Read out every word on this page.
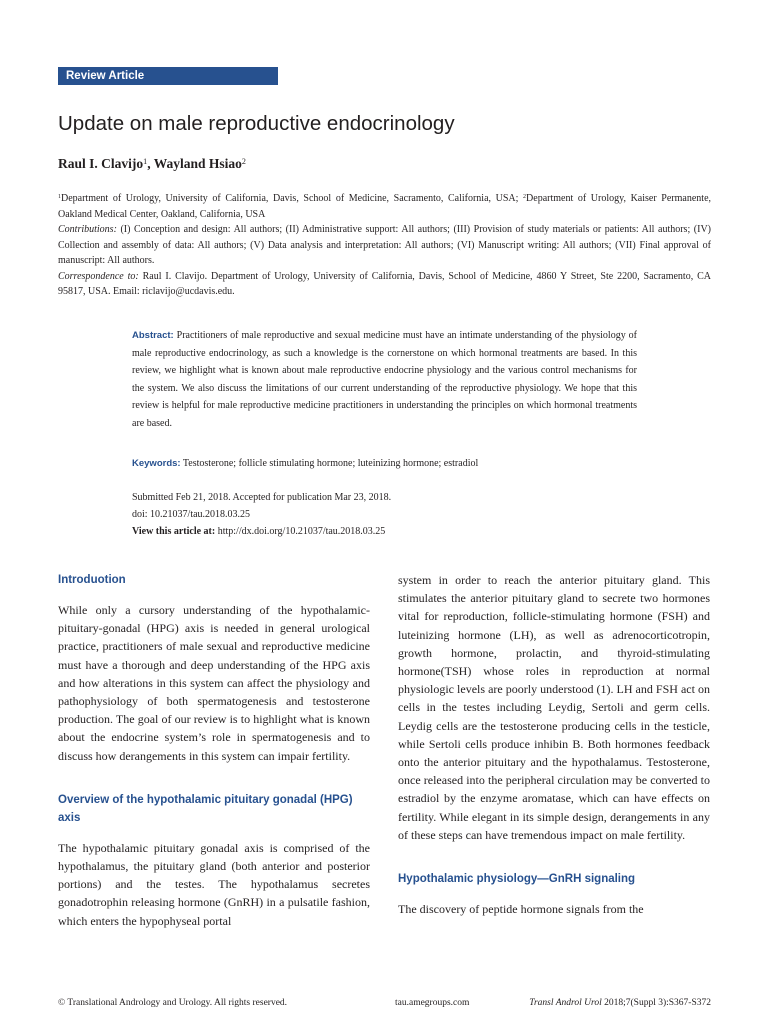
Review Article
Update on male reproductive endocrinology
Raul I. Clavijo$^1$, Wayland Hsiao$^2$

$^1$Department of Urology, University of California, Davis, School of Medicine, Sacramento, California, USA; $^2$Department of Urology, Kaiser Permanente, Oakland Medical Center, Oakland, California, USA

Contributions: (I) Conception and design: All authors; (II) Administrative support: All authors; (III) Provision of study materials or patients: All authors; (IV) Collection and assembly of data: All authors; (V) Data analysis and interpretation: All authors; (VI) Manuscript writing: All authors; (VII) Final approval of manuscript: All authors.

Correspondence to: Raul I. Clavijo. Department of Urology, University of California, Davis, School of Medicine, 4860 Y Street, Ste 2200, Sacramento, CA 95817, USA. Email: riclavijo@ucdavis.edu.

Abstract: Practitioners of male reproductive and sexual medicine must have an intimate understanding of the physiology of male reproductive endocrinology, as such a knowledge is the cornerstone on which hormonal treatments are based. In this review, we highlight what is known about male reproductive endocrine physiology and the various control mechanisms for the system. We also discuss the limitations of our current understanding of the reproductive physiology. We hope that this review is helpful for male reproductive medicine practitioners in understanding the principles on which hormonal treatments are based.

Keywords: Testosterone; follicle stimulating hormone; luteinizing hormone; estradiol
Submitted Feb 21, 2018. Accepted for publication Mar 23, 2018.
doi: 10.21037/tau.2018.03.25
View this article at: http://dx.doi.org/10.21037/tau.2018.03.25
Introduotion

While only a cursory understanding of the hypothalamic-pituitary-gonadal (HPG) axis is needed in general urological practice, practitioners of male sexual and reproductive medicine must have a thorough and deep understanding of the HPG axis and how alterations in this system can affect the physiology and pathophysiology of both spermatogenesis and testosterone production. The goal of our review is to highlight what is known about the endocrine system’s role in spermatogenesis and to discuss how derangements in this system can impair fertility.

Overview of the hypothalamic pituitary gonadal (HPG) axis

The hypothalamic pituitary gonadal axis is comprised of the hypothalamus, the pituitary gland (both anterior and posterior portions) and the testes. The hypothalamus secretes gonadotrophin releasing hormone (GnRH) in a pulsatile fashion, which enters the hypophyseal portal

system in order to reach the anterior pituitary gland. This stimulates the anterior pituitary gland to secrete two hormones vital for reproduction, follicle-stimulating hormone (FSH) and luteinizing hormone (LH), as well as adrenocorticotropin, growth hormone, prolactin, and thyroid-stimulating hormone(TSH) whose roles in reproduction at normal physiologic levels are poorly understood (1). LH and FSH act on cells in the testes including Leydig, Sertoli and germ cells. Leydig cells are the testosterone producing cells in the testicle, while Sertoli cells produce inhibin B. Both hormones feedback onto the anterior pituitary and the hypothalamus. Testosterone, once released into the peripheral circulation may be converted to estradiol by the enzyme aromatase, which can have effects on fertility. While elegant in its simple design, derangements in any of these steps can have tremendous impact on male fertility.

Hypothalamic physiology—GnRH signaling

The discovery of peptide hormone signals from the

© Translational Andrology and Urology. All rights reserved.	tau.amegroups.com	Transl Androl Urol 2018;7(Suppl 3):S367-S372
